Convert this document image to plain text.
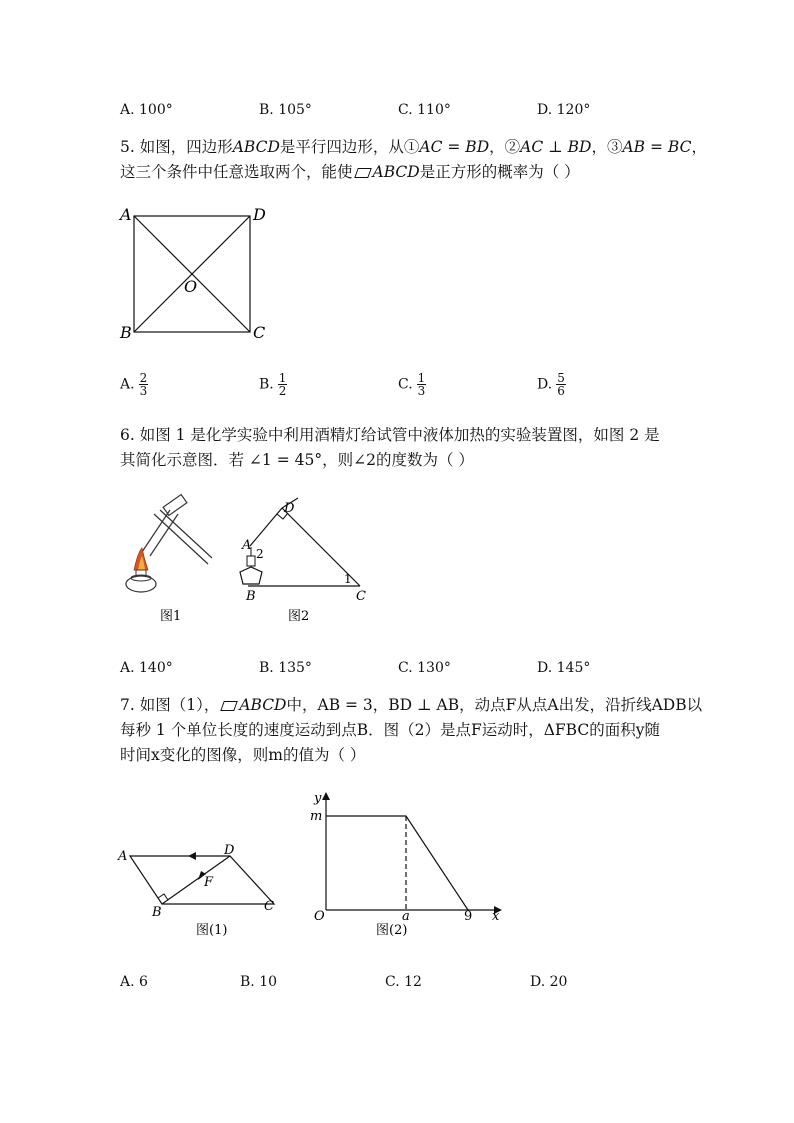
A. 100°	B. 105°	C. 110°	D. 120°
5. 如图，四边形ABCD是平行四边形，从①AC = BD，②AC ⊥ BD，③AB = BC，
这三个条件中任意选取两个，能使 ABCD是正方形的概率为（ ）
A	D
B	C
O
A. $\frac{2}{3}$	B. $\frac{1}{2}$	C. $\frac{1}{3}$	D. $\frac{5}{6}$
6. 如图 1 是化学实验中利用酒精灯给试管中液体加热的实验装置图，如图 2 是
其简化示意图．若 ∠1 = 45°，则∠2的度数为（ ）
图1
D
A
2
1
B	C
图2
A. 140°	B. 135°	C. 130°	D. 145°
7. 如图（1）， ABCD中，AB = 3，BD ⊥ AB，动点F从点A出发，沿折线ADB以
每秒 1 个单位长度的速度运动到点B．图（2）是点F运动时，ΔFBC的面积y随
时间x变化的图像，则m的值为（ ）
A	D
B	C
F
图(1)
y
m
O	a	9 x
图(2)
A. 6	B. 10	C. 12	D. 20
